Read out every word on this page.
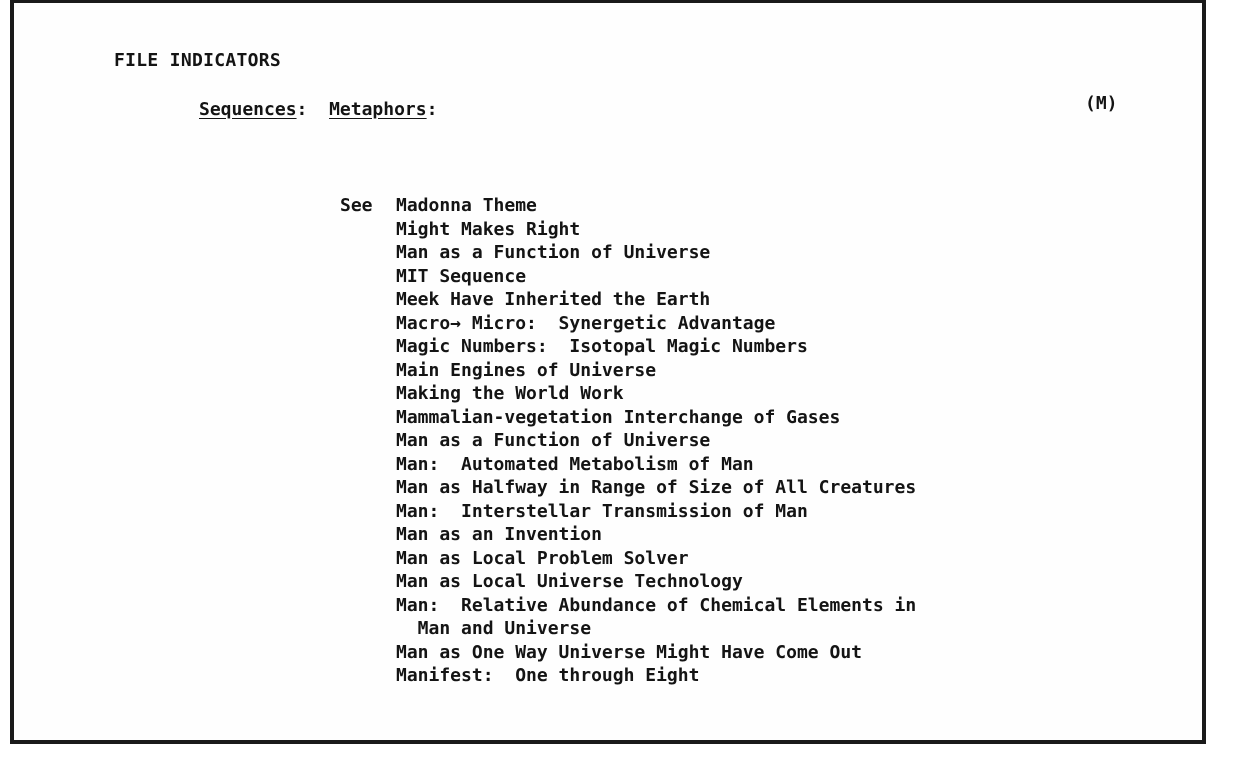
FILE INDICATORS
Sequences: Metaphors:	(M)
See Madonna Theme
Might Makes Right
Man as a Function of Universe
MIT Sequence
Meek Have Inherited the Earth
Macro→ Micro:  Synergetic Advantage
Magic Numbers:  Isotopal Magic Numbers
Main Engines of Universe
Making the World Work
Mammalian-vegetation Interchange of Gases
Man as a Function of Universe
Man:  Automated Metabolism of Man
Man as Halfway in Range of Size of All Creatures
Man:  Interstellar Transmission of Man
Man as an Invention
Man as Local Problem Solver
Man as Local Universe Technology
Man:  Relative Abundance of Chemical Elements in
Man and Universe
Man as One Way Universe Might Have Come Out
Manifest:  One through Eight
